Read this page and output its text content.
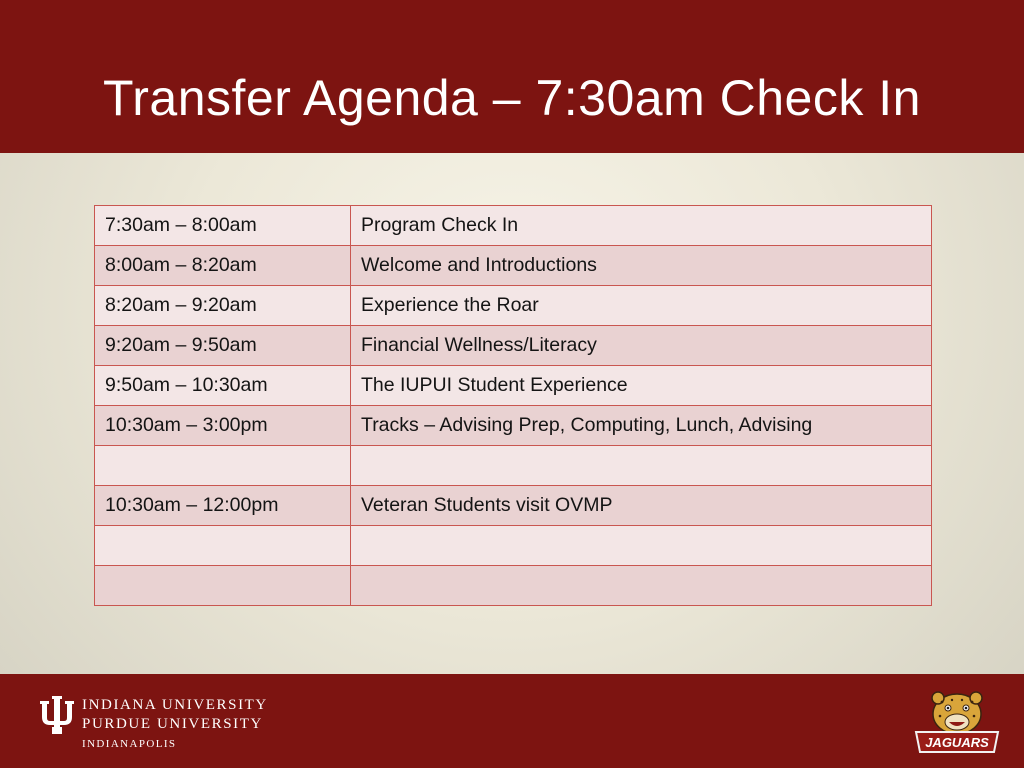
Transfer Agenda – 7:30am Check In
7:30am – 8:00am	Program Check In
8:00am – 8:20am	Welcome and Introductions
8:20am – 9:20am	Experience the Roar
9:20am – 9:50am	Financial Wellness/Literacy
9:50am – 10:30am	The IUPUI Student Experience
10:30am – 3:00pm	Tracks – Advising Prep, Computing, Lunch, Advising

10:30am – 12:00pm	Veteran Students visit OVMP

INDIANA UNIVERSITY
PURDUE UNIVERSITY
INDIANAPOLIS	JAGUARS
